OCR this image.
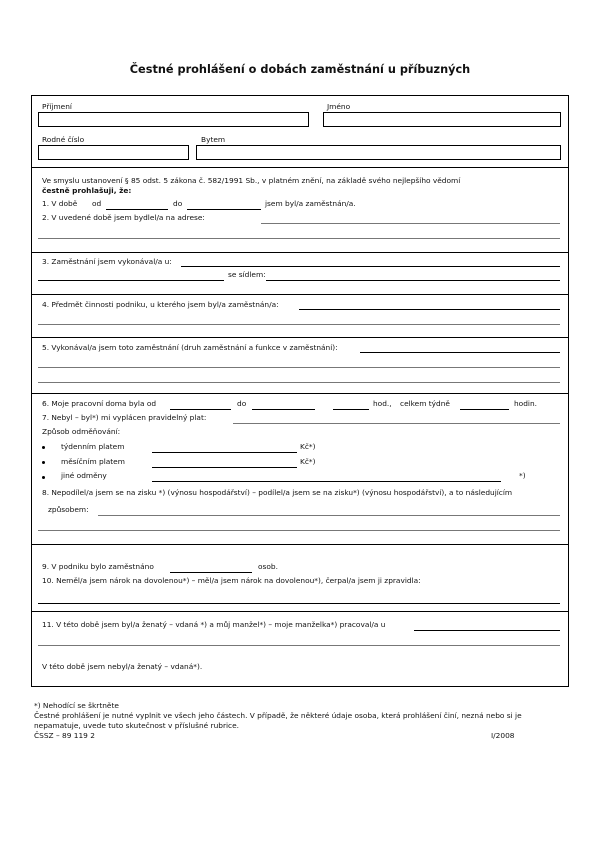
Čestné prohlášení o dobách zaměstnání u příbuzných
Příjmení	Jméno
Rodné číslo	Bytem
Ve smyslu ustanovení § 85 odst. 5 zákona č. 582/1991 Sb., v platném znění, na základě svého nejlepšího vědomí
čestně prohlašuji, že:
1. V době od	do	jsem byl/a zaměstnán/a.
2. V uvedené době jsem bydlel/a na adrese:
3. Zaměstnání jsem vykonával/a u:
se sídlem:
4. Předmět činnosti podniku, u kterého jsem byl/a zaměstnán/a:
5. Vykonával/a jsem toto zaměstnání (druh zaměstnání a funkce v zaměstnání):
6. Moje pracovní doma byla od	do	hod., celkem týdně	hodin.
7. Nebyl – byl*) mi vyplácen pravidelný plat:
Způsob odměňování:
týdenním platem	Kč*)
měsíčním platem	Kč*)
jiné odměny	*)
8. Nepodílel/a jsem se na zisku *) (výnosu hospodářství) – podílel/a jsem se na zisku*) (výnosu hospodářství), a to následujícím
způsobem:
9. V podniku bylo zaměstnáno	osob.
10. Neměl/a jsem nárok na dovolenou*) – měl/a jsem nárok na dovolenou*), čerpal/a jsem ji zpravidla:
11. V této době jsem byl/a ženatý – vdaná *) a můj manžel*) – moje manželka*) pracoval/a u
V této době jsem nebyl/a ženatý – vdaná*).
*) Nehodící se škrtněte
Čestné prohlášení je nutné vyplnit ve všech jeho částech. V případě, že některé údaje osoba, která prohlášení činí, nezná nebo si je
nepamatuje, uvede tuto skutečnost v příslušné rubrice.
ČSSZ – 89 119 2	I/2008
